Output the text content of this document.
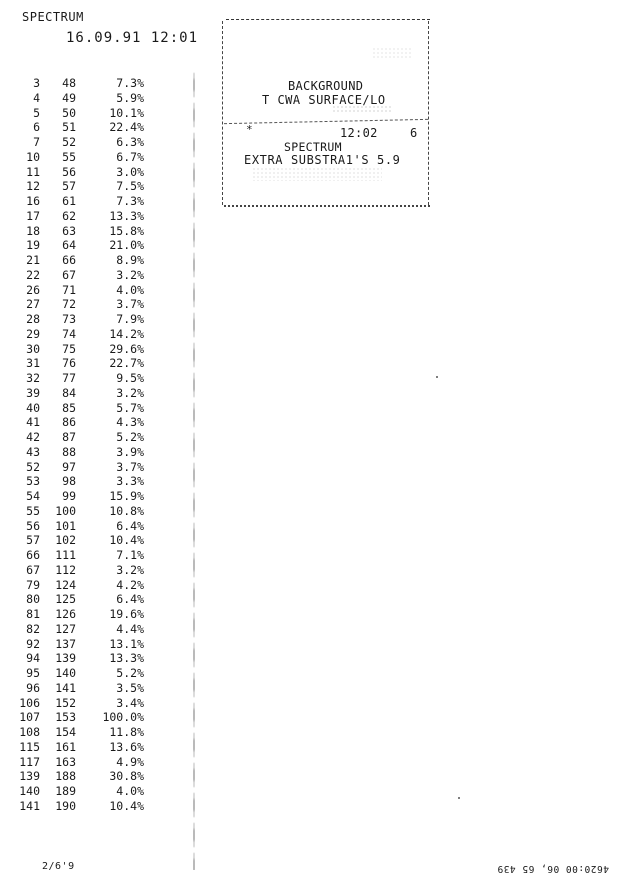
SPECTRUM
16.09.91 12:01
3	48	7.3%
4	49	5.9%
5	50	10.1%
6	51	22.4%
7	52	6.3%
10	55	6.7%
11	56	3.0%
12	57	7.5%
16	61	7.3%
17	62	13.3%
18	63	15.8%
19	64	21.0%
21	66	8.9%
22	67	3.2%
26	71	4.0%
27	72	3.7%
28	73	7.9%
29	74	14.2%
30	75	29.6%
31	76	22.7%
32	77	9.5%
39	84	3.2%
40	85	5.7%
41	86	4.3%
42	87	5.2%
43	88	3.9%
52	97	3.7%
53	98	3.3%
54	99	15.9%
55	100	10.8%
56	101	6.4%
57	102	10.4%
66	111	7.1%
67	112	3.2%
79	124	4.2%
80	125	6.4%
81	126	19.6%
82	127	4.4%
92	137	13.1%
94	139	13.3%
95	140	5.2%
96	141	3.5%
106	152	3.4%
107	153	100.0%
108	154	11.8%
115	161	13.6%
117	163	4.9%
139	188	30.8%
140	189	4.0%
141	190	10.4%
BACKGROUND
T CWA SURFACE/LO
*	12:02	6
SPECTRUM
EXTRA SUBSTRA1'S 5.9
2/6'9	4620:00 06, 65 439
